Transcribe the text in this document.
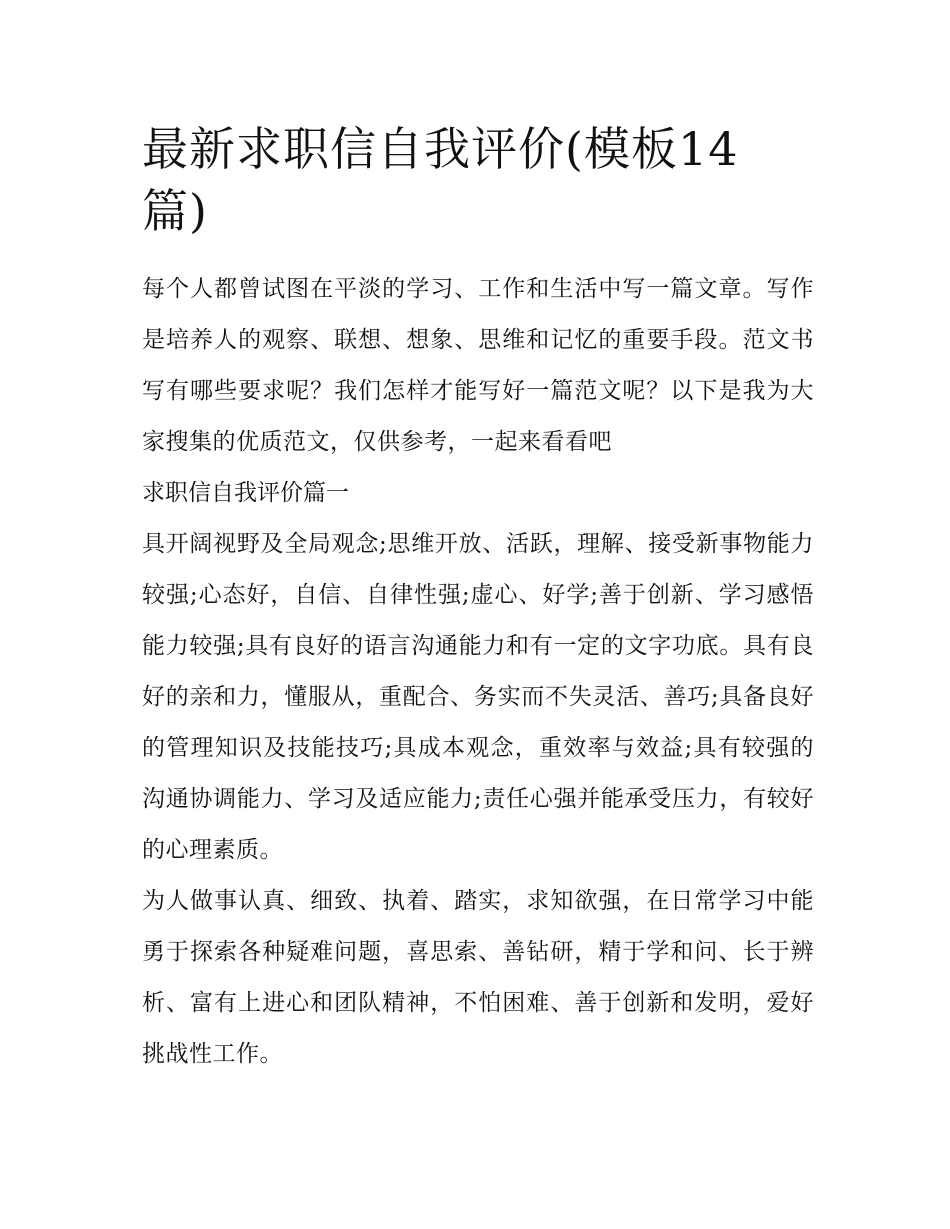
最新求职信自我评价(模板14篇)

每个人都曾试图在平淡的学习、工作和生活中写一篇文章。写作是培养人的观察、联想、想象、思维和记忆的重要手段。范文书写有哪些要求呢？我们怎样才能写好一篇范文呢？以下是我为大家搜集的优质范文，仅供参考，一起来看看吧

求职信自我评价篇一

具开阔视野及全局观念;思维开放、活跃，理解、接受新事物能力较强;心态好，自信、自律性强;虚心、好学;善于创新、学习感悟能力较强;具有良好的语言沟通能力和有一定的文字功底。具有良好的亲和力，懂服从，重配合、务实而不失灵活、善巧;具备良好的管理知识及技能技巧;具成本观念，重效率与效益;具有较强的沟通协调能力、学习及适应能力;责任心强并能承受压力，有较好的心理素质。

为人做事认真、细致、执着、踏实，求知欲强，在日常学习中能勇于探索各种疑难问题，喜思索、善钻研，精于学和问、长于辨析、富有上进心和团队精神，不怕困难、善于创新和发明，爱好挑战性工作。
